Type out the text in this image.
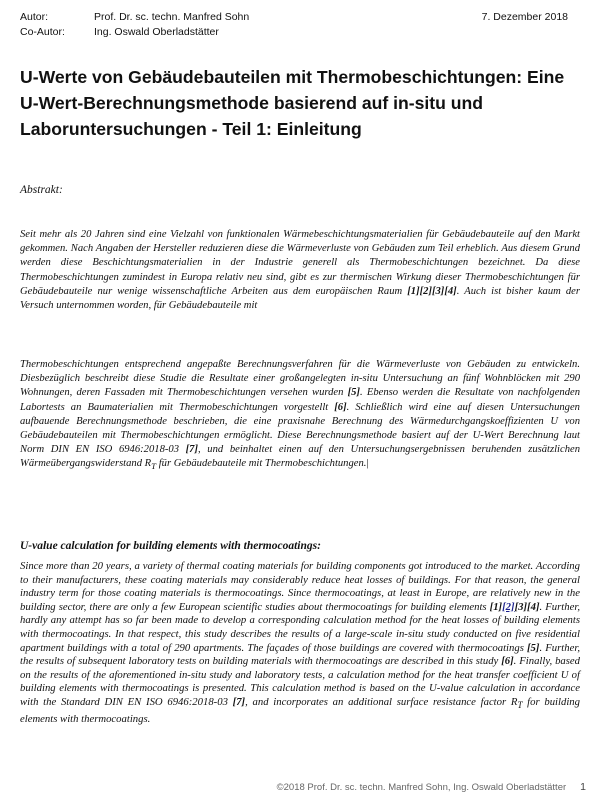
Autor:	Prof. Dr. sc. techn. Manfred Sohn
Co-Autor:	Ing. Oswald Oberladstätter
7. Dezember 2018
U-Werte von Gebäudebauteilen mit Thermobeschichtungen: Eine U-Wert-Berechnungsmethode basierend auf in-situ und Laboruntersuchungen - Teil 1: Einleitung
Abstrakt:

Seit mehr als 20 Jahren sind eine Vielzahl von funktionalen Wärmebeschichtungsmaterialien für Gebäudebauteile auf den Markt gekommen. Nach Angaben der Hersteller reduzieren diese die Wärmeverluste von Gebäuden zum Teil erheblich. Aus diesem Grund werden diese Beschichtungsmaterialien in der Industrie generell als Thermobeschichtungen bezeichnet. Da diese Thermobeschichtungen zumindest in Europa relativ neu sind, gibt es zur thermischen Wirkung dieser Thermobeschichtungen für Gebäudebauteile nur wenige wissenschaftliche Arbeiten aus dem europäischen Raum [1][2][3][4]. Auch ist bisher kaum der Versuch unternommen worden, für Gebäudebauteile mit

Thermobeschichtungen entsprechend angepaßte Berechnungsverfahren für die Wärmeverluste von Gebäuden zu entwickeln. Diesbezüglich beschreibt diese Studie die Resultate einer großangelegten in-situ Untersuchung an fünf Wohnblöcken mit 290 Wohnungen, deren Fassaden mit Thermobeschichtungen versehen wurden [5]. Ebenso werden die Resultate von nachfolgenden Labortests an Baumaterialien mit Thermobeschichtungen vorgestellt [6]. Schließlich wird eine auf diesen Untersuchungen aufbauende Berechnungsmethode beschrieben, die eine praxisnahe Berechnung des Wärmedurchgangskoeffizienten U von Gebäudebauteilen mit Thermobeschichtungen ermöglicht. Diese Berechnungsmethode basiert auf der U-Wert Berechnung laut Norm DIN EN ISO 6946:2018-03 [7], und beinhaltet einen auf den Untersuchungsergebnissen beruhenden zusätzlichen Wärmeübergangswiderstand $R_T$ für Gebäudebauteile mit Thermobeschichtungen.|

U-value calculation for building elements with thermocoatings:

Since more than 20 years, a variety of thermal coating materials for building components got introduced to the market. According to their manufacturers, these coating materials may considerably reduce heat losses of buildings. For that reason, the general industry term for those coating materials is thermocoatings. Since thermocoatings, at least in Europe, are relatively new in the building sector, there are only a few European scientific studies about thermocoatings for building elements [1][2][3][4]. Further, hardly any attempt has so far been made to develop a corresponding calculation method for the heat losses of building elements with thermocoatings. In that respect, this study describes the results of a large-scale in-situ study conducted on five residential apartment buildings with a total of 290 apartments. The façades of those buildings are covered with thermocoatings [5]. Further, the results of subsequent laboratory tests on building materials with thermocoatings are described in this study [6]. Finally, based on the results of the aforementioned in-situ study and laboratory tests, a calculation method for the heat transfer coefficient U of building elements with thermocoatings is presented. This calculation method is based on the U-value calculation in accordance with the Standard DIN EN ISO 6946:2018-03 [7], and incorporates an additional surface resistance factor $R_T$ for building elements with thermocoatings.

©2018 Prof. Dr. sc. techn. Manfred Sohn, Ing. Oswald Oberladstätter 1
